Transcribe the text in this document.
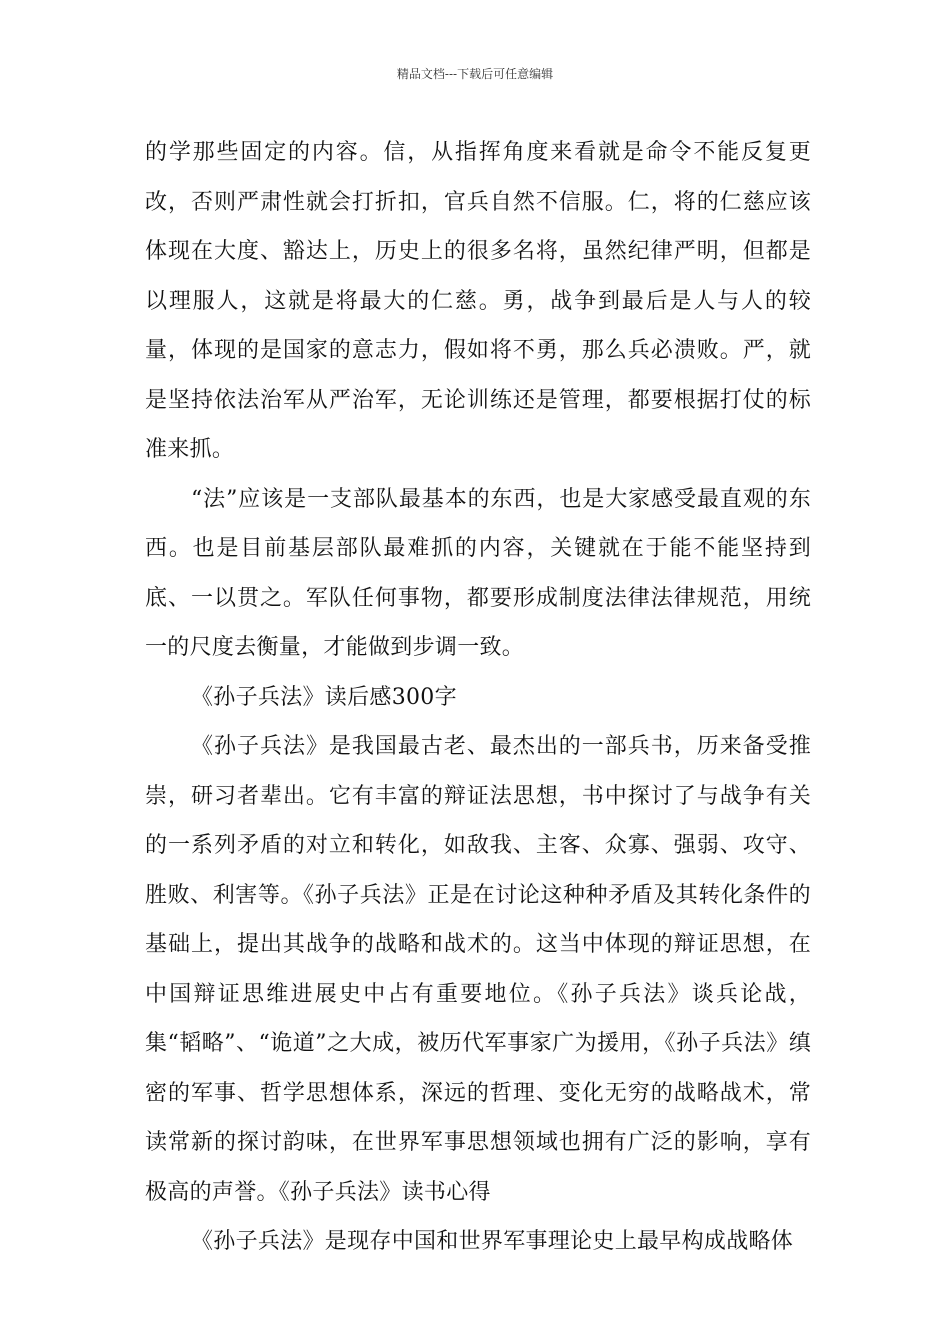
精品文档---下载后可任意编辑

的学那些固定的内容。信，从指挥角度来看就是命令不能反复更改，否则严肃性就会打折扣，官兵自然不信服。仁，将的仁慈应该体现在大度、豁达上，历史上的很多名将，虽然纪律严明，但都是以理服人，这就是将最大的仁慈。勇，战争到最后是人与人的较量，体现的是国家的意志力，假如将不勇，那么兵必溃败。严，就是坚持依法治军从严治军，无论训练还是管理，都要根据打仗的标准来抓。

“法”应该是一支部队最基本的东西，也是大家感受最直观的东西。也是目前基层部队最难抓的内容，关键就在于能不能坚持到底、一以贯之。军队任何事物，都要形成制度法律法律规范，用统一的尺度去衡量，才能做到步调一致。

《孙子兵法》读后感300字

《孙子兵法》是我国最古老、最杰出的一部兵书，历来备受推崇，研习者辈出。它有丰富的辩证法思想，书中探讨了与战争有关的一系列矛盾的对立和转化，如敌我、主客、众寡、强弱、攻守、胜败、利害等。《孙子兵法》正是在讨论这种种矛盾及其转化条件的基础上，提出其战争的战略和战术的。这当中体现的辩证思想，在中国辩证思维进展史中占有重要地位。《孙子兵法》谈兵论战，集“韬略”、“诡道”之大成，被历代军事家广为援用，《孙子兵法》缜密的军事、哲学思想体系，深远的哲理、变化无穷的战略战术，常读常新的探讨韵味，在世界军事思想领域也拥有广泛的影响，享有极高的声誉。《孙子兵法》读书心得

《孙子兵法》是现存中国和世界军事理论史上最早构成战略体
